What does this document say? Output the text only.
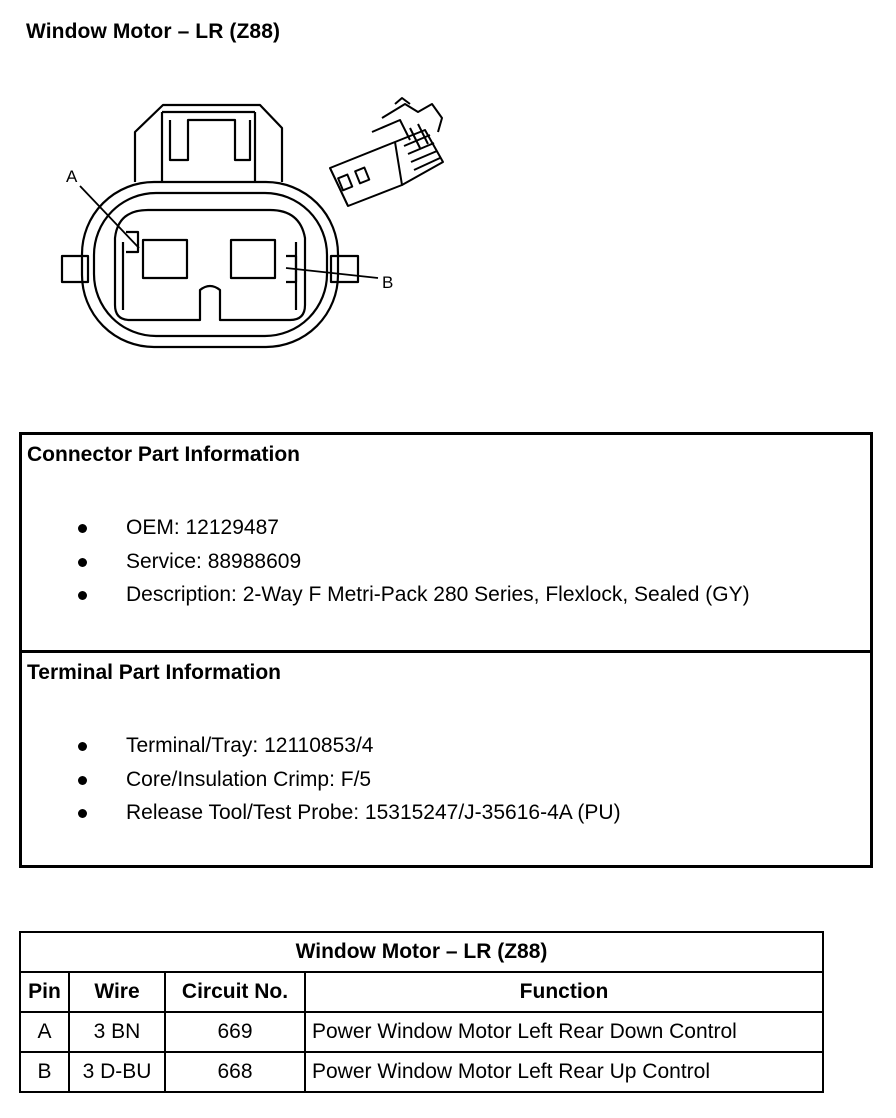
Window Motor – LR (Z88)
A
B
Connector Part Information
OEM: 12129487
Service: 88988609
Description: 2-Way F Metri-Pack 280 Series, Flexlock, Sealed (GY)
Terminal Part Information
Terminal/Tray: 12110853/4
Core/Insulation Crimp: F/5
Release Tool/Test Probe: 15315247/J-35616-4A (PU)
Window Motor – LR (Z88)			
Pin	Wire	Circuit No.	Function
A	3 BN	669	Power Window Motor Left Rear Down Control
B	3 D-BU	668	Power Window Motor Left Rear Up Control
